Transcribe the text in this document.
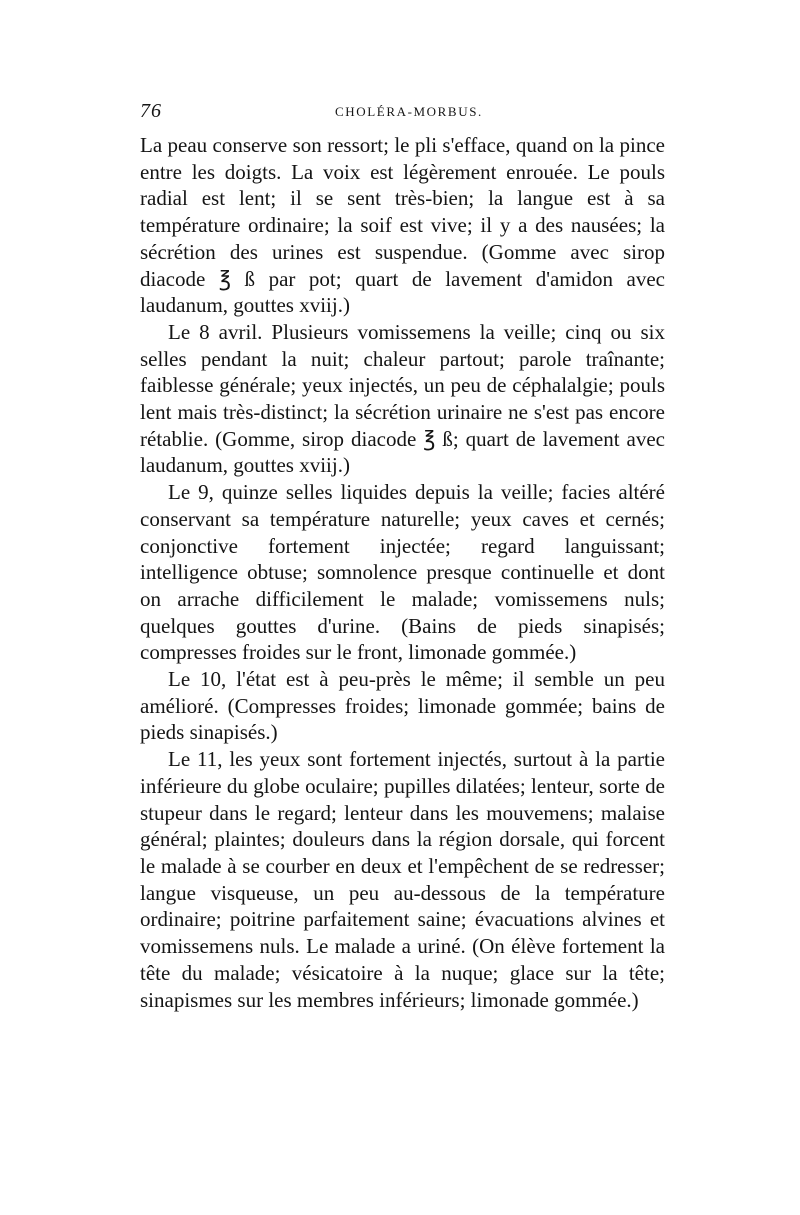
76	CHOLÉRA-MORBUS.

La peau conserve son ressort; le pli s'efface, quand on la pince entre les doigts. La voix est légèrement enrouée. Le pouls radial est lent; il se sent très-bien; la langue est à sa température ordinaire; la soif est vive; il y a des nausées; la sécrétion des urines est suspendue. (Gomme avec sirop diacode ℥ ß par pot; quart de lavement d'amidon avec laudanum, gouttes xviij.)

Le 8 avril. Plusieurs vomissemens la veille; cinq ou six selles pendant la nuit; chaleur partout; parole traînante; faiblesse générale; yeux injectés, un peu de céphalalgie; pouls lent mais très-distinct; la sécrétion urinaire ne s'est pas encore rétablie. (Gomme, sirop diacode ℥ ß; quart de lavement avec laudanum, gouttes xviij.)

Le 9, quinze selles liquides depuis la veille; facies altéré conservant sa température naturelle; yeux caves et cernés; conjonctive fortement injectée; regard languissant; intelligence obtuse; somnolence presque continuelle et dont on arrache difficilement le malade; vomissemens nuls; quelques gouttes d'urine. (Bains de pieds sinapisés; compresses froides sur le front, limonade gommée.)

Le 10, l'état est à peu-près le même; il semble un peu amélioré. (Compresses froides; limonade gommée; bains de pieds sinapisés.)

Le 11, les yeux sont fortement injectés, surtout à la partie inférieure du globe oculaire; pupilles dilatées; lenteur, sorte de stupeur dans le regard; lenteur dans les mouvemens; malaise général; plaintes; douleurs dans la région dorsale, qui forcent le malade à se courber en deux et l'empêchent de se redresser; langue visqueuse, un peu au-dessous de la température ordinaire; poitrine parfaitement saine; évacuations alvines et vomissemens nuls. Le malade a uriné. (On élève fortement la tête du malade; vésicatoire à la nuque; glace sur la tête; sinapismes sur les membres inférieurs; limonade gommée.)
